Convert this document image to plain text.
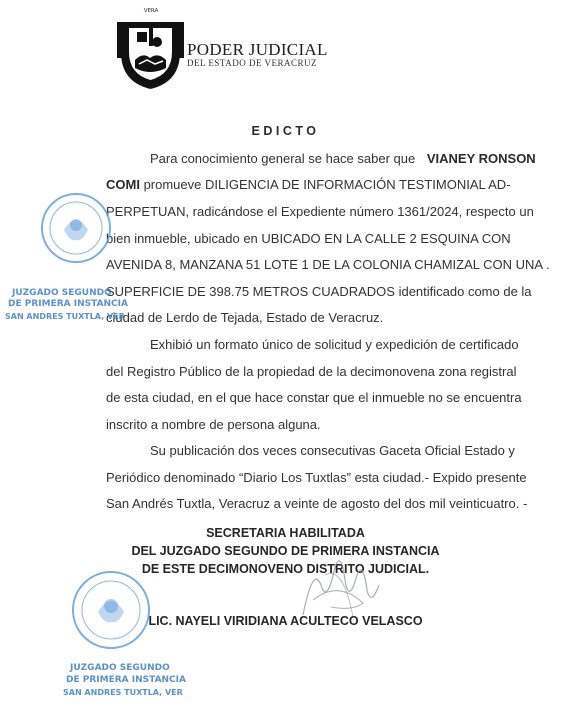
VERA
PODER JUDICIAL
DEL ESTADO DE VERACRUZ
EDICTO
Para conocimiento general se hace saber que VIANEY RONSON
COMI promueve DILIGENCIA DE INFORMACIÓN TESTIMONIAL AD-
PERPETUAN, radicándose el Expediente número 1361/2024, respecto un
bien inmueble, ubicado en UBICADO EN LA CALLE 2 ESQUINA CON
AVENIDA 8, MANZANA 51 LOTE 1 DE LA COLONIA CHAMIZAL CON UNA .
SUPERFICIE DE 398.75 METROS CUADRADOS identificado como de la
ciudad de Lerdo de Tejada, Estado de Veracruz.
Exhibió un formato único de solicitud y expedición de certificado
del Registro Público de la propiedad de la decimonovena zona registral
de esta ciudad, en el que hace constar que el inmueble no se encuentra
inscrito a nombre de persona alguna.
Su publicación dos veces consecutivas Gaceta Oficial Estado y
Periódico denominado “Diario Los Tuxtlas” esta ciudad.- Expido presente
San Andrés Tuxtla, Veracruz a veinte de agosto del dos mil veinticuatro. -
SECRETARIA HABILITADA
DEL JUZGADO SEGUNDO DE PRIMERA INSTANCIA
DE ESTE DECIMONOVENO DISTRITO JUDICIAL.
LIC. NAYELI VIRIDIANA ACULTECO VELASCO
JUZGADO SEGUNDO
DE PRIMERA INSTANCIA
SAN ANDRES TUXTLA, VER
JUZGADO SEGUNDO
DE PRIMERA INSTANCIA
SAN ANDRES TUXTLA, VER
